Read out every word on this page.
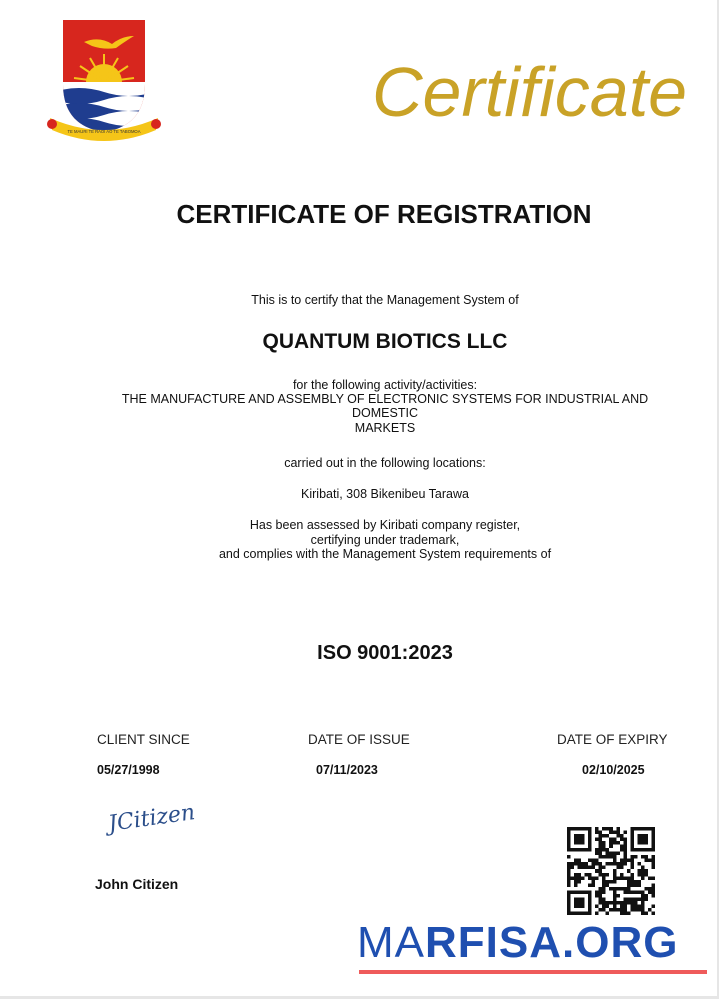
TE MAURI TE RAOI AO TE TABOMOA
Certificate
CERTIFICATE OF REGISTRATION
This is to certify that the Management System of
QUANTUM BIOTICS LLC
for the following activity/activities:
THE MANUFACTURE AND ASSEMBLY OF ELECTRONIC SYSTEMS FOR INDUSTRIAL AND
DOMESTIC
MARKETS
carried out in the following locations:
Kiribati, 308 Bikenibeu Tarawa
Has been assessed by Kiribati company register,
certifying under trademark,
and complies with the Management System requirements of
ISO 9001:2023
CLIENT SINCE
05/27/1998
DATE OF ISSUE
07/11/2023
DATE OF EXPIRY
02/10/2025
JCitizen
John Citizen
MARFISA.ORG
